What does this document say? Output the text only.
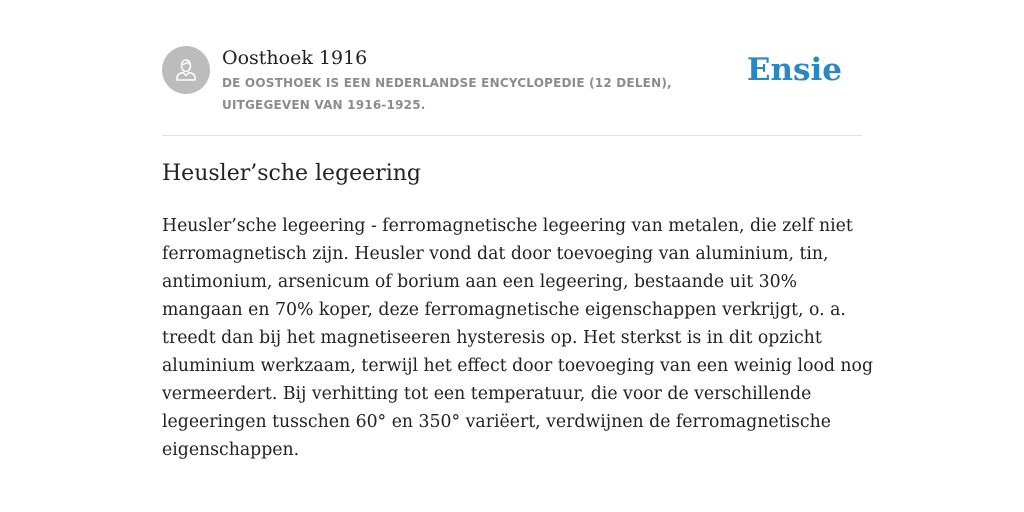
Oosthoek 1916
DE OOSTHOEK IS EEN NEDERLANDSE ENCYCLOPEDIE (12 DELEN), UITGEGEVEN VAN 1916-1925.
Ensie
Heusler’sche legeering

Heusler’sche legeering - ferromagnetische legeering van metalen, die zelf niet ferromagnetisch zijn. Heusler vond dat door toevoeging van aluminium, tin, antimonium, arsenicum of borium aan een legeering, bestaande uit 30% mangaan en 70% koper, deze ferromagnetische eigenschappen verkrijgt, o. a. treedt dan bij het magnetiseeren hysteresis op. Het sterkst is in dit opzicht aluminium werkzaam, terwijl het effect door toevoeging van een weinig lood nog vermeerdert. Bij verhitting tot een temperatuur, die voor de verschillende legeeringen tusschen 60° en 350° variëert, verdwijnen de ferromagnetische eigenschappen.
